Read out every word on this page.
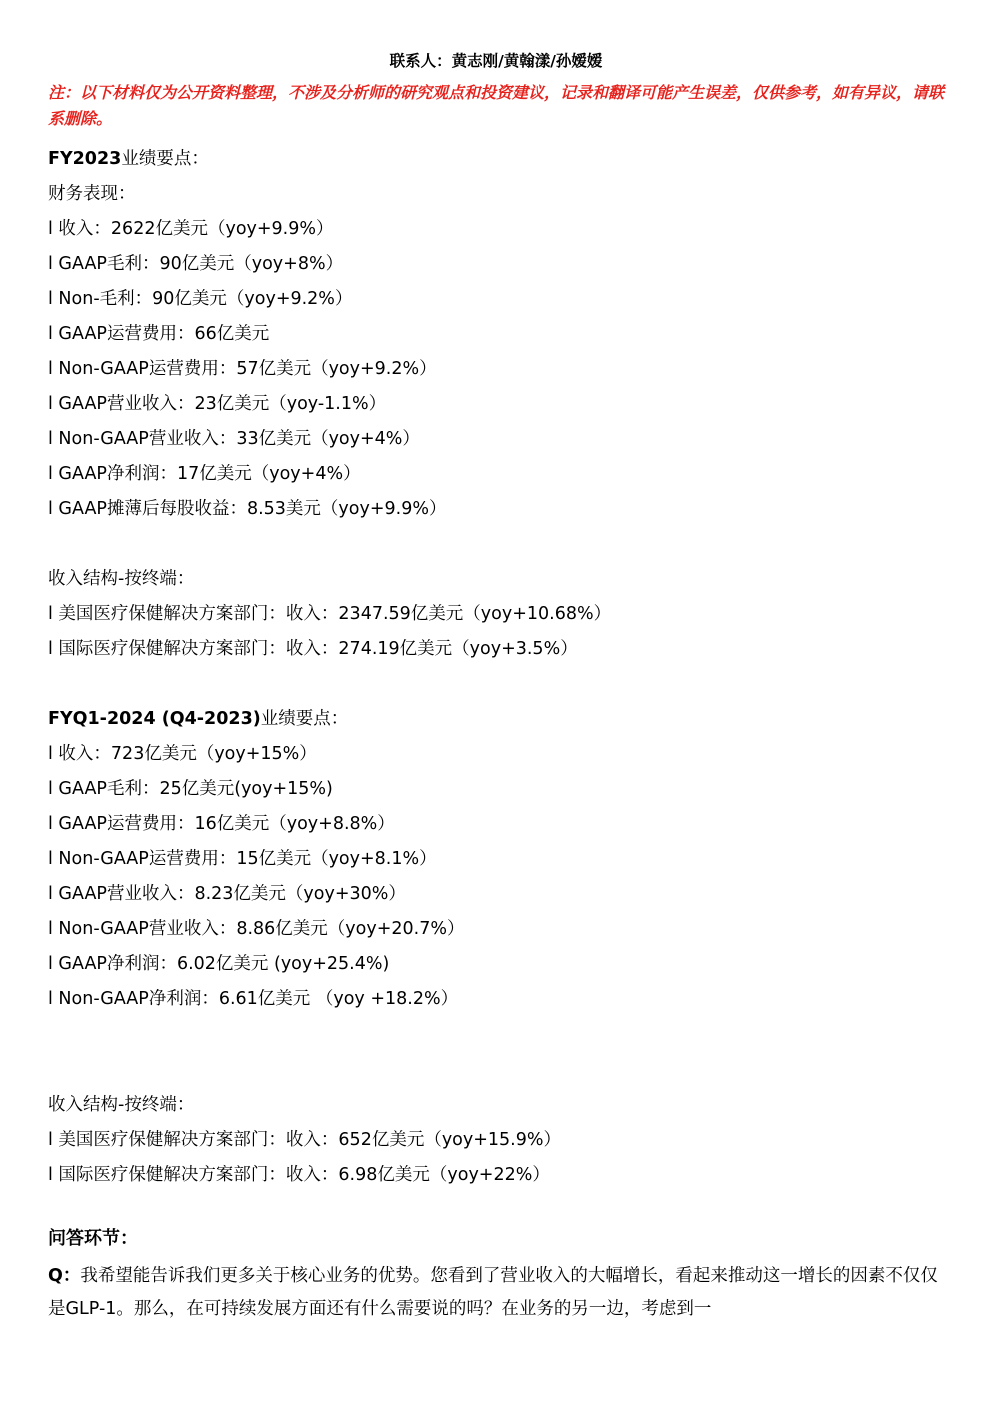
联系人：黄志刚/黄翰漾/孙嫒嫒
注：以下材料仅为公开资料整理，不涉及分析师的研究观点和投资建议，记录和翻译可能产生误差，仅供参考，如有异议，请联系删除。
FY2023业绩要点：
财务表现：
l 收入：2622亿美元（yoy+9.9%）
l GAAP毛利：90亿美元（yoy+8%）
l Non-毛利：90亿美元（yoy+9.2%）
l GAAP运营费用：66亿美元
l Non-GAAP运营费用：57亿美元（yoy+9.2%）
l GAAP营业收入：23亿美元（yoy-1.1%）
l Non-GAAP营业收入：33亿美元（yoy+4%）
l GAAP净利润：17亿美元（yoy+4%）
l GAAP摊薄后每股收益：8.53美元（yoy+9.9%）
收入结构-按终端：
l 美国医疗保健解决方案部门：收入：2347.59亿美元（yoy+10.68%）
l 国际医疗保健解决方案部门：收入：274.19亿美元（yoy+3.5%）
FYQ1-2024 (Q4-2023)业绩要点：
l 收入：723亿美元（yoy+15%）
l GAAP毛利：25亿美元(yoy+15%)
l GAAP运营费用：16亿美元（yoy+8.8%）
l Non-GAAP运营费用：15亿美元（yoy+8.1%）
l GAAP营业收入：8.23亿美元（yoy+30%）
l Non-GAAP营业收入：8.86亿美元（yoy+20.7%）
l GAAP净利润：6.02亿美元 (yoy+25.4%)
l Non-GAAP净利润：6.61亿美元 （yoy +18.2%）
收入结构-按终端：
l 美国医疗保健解决方案部门：收入：652亿美元（yoy+15.9%）
l 国际医疗保健解决方案部门：收入：6.98亿美元（yoy+22%）
问答环节：
Q：我希望能告诉我们更多关于核心业务的优势。您看到了营业收入的大幅增长，看起来推动这一增长的因素不仅仅是GLP-1。那么，在可持续发展方面还有什么需要说的吗？在业务的另一边，考虑到一
